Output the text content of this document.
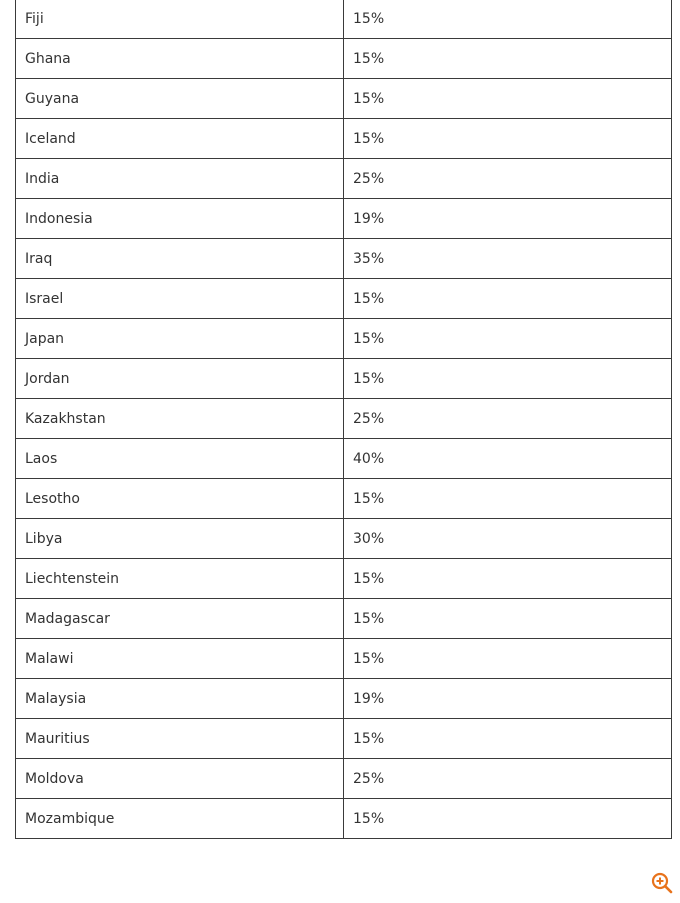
Fiji	15%
Ghana	15%
Guyana	15%
Iceland	15%
India	25%
Indonesia	19%
Iraq	35%
Israel	15%
Japan	15%
Jordan	15%
Kazakhstan	25%
Laos	40%
Lesotho	15%
Libya	30%
Liechtenstein	15%
Madagascar	15%
Malawi	15%
Malaysia	19%
Mauritius	15%
Moldova	25%
Mozambique	15%
